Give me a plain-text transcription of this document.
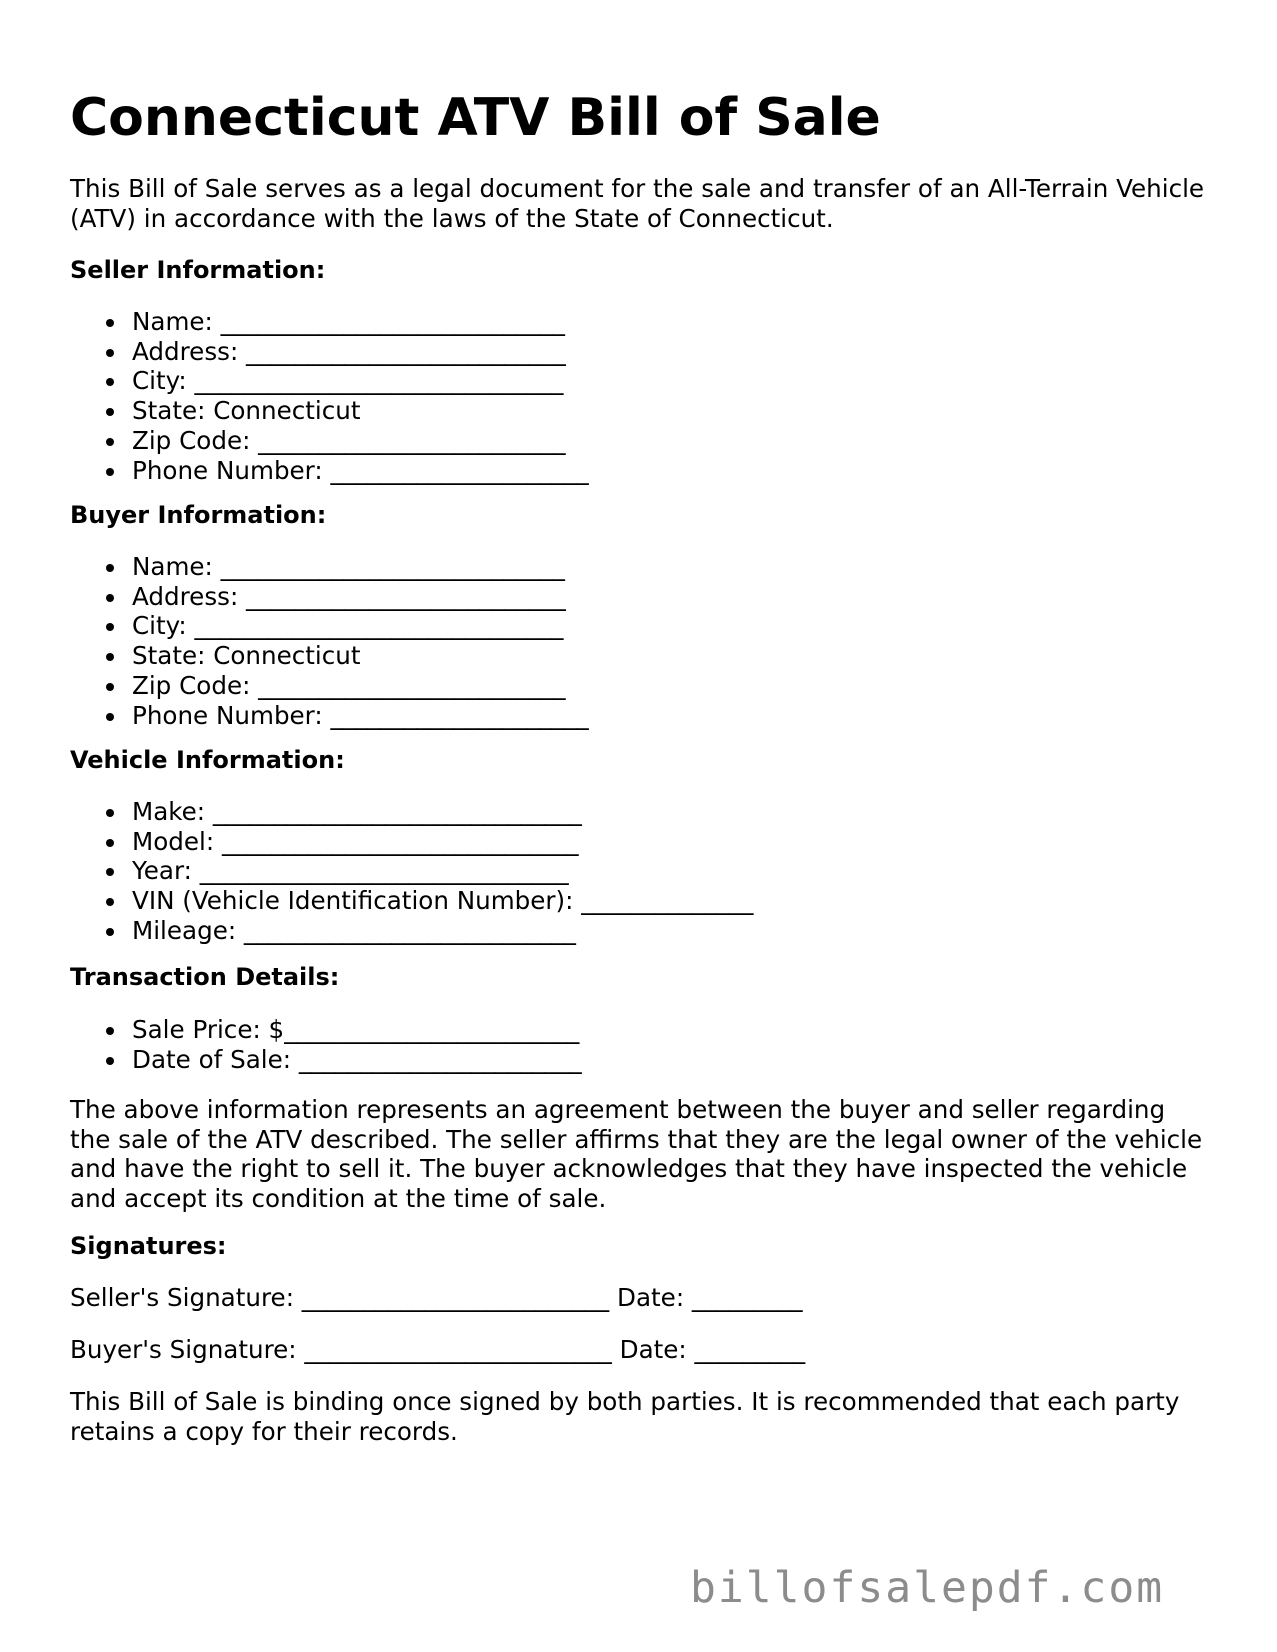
Connecticut ATV Bill of Sale

This Bill of Sale serves as a legal document for the sale and transfer of an All-Terrain Vehicle (ATV) in accordance with the laws of the State of Connecticut.

Seller Information:
Name: ____________________________
Address: __________________________
City: ______________________________
State: Connecticut
Zip Code: _________________________
Phone Number: _____________________
Buyer Information:
Name: ____________________________
Address: __________________________
City: ______________________________
State: Connecticut
Zip Code: _________________________
Phone Number: _____________________
Vehicle Information:
Make: ______________________________
Model: _____________________________
Year: ______________________________
VIN (Vehicle Identification Number): ______________
Mileage: ___________________________
Transaction Details:
Sale Price: $________________________
Date of Sale: _______________________

The above information represents an agreement between the buyer and seller regarding the sale of the ATV described. The seller affirms that they are the legal owner of the vehicle and have the right to sell it. The buyer acknowledges that they have inspected the vehicle and accept its condition at the time of sale.

Signatures:

Seller's Signature: _________________________ Date: _________

Buyer's Signature: _________________________ Date: _________

This Bill of Sale is binding once signed by both parties. It is recommended that each party retains a copy for their records.

billofsalepdf.com
